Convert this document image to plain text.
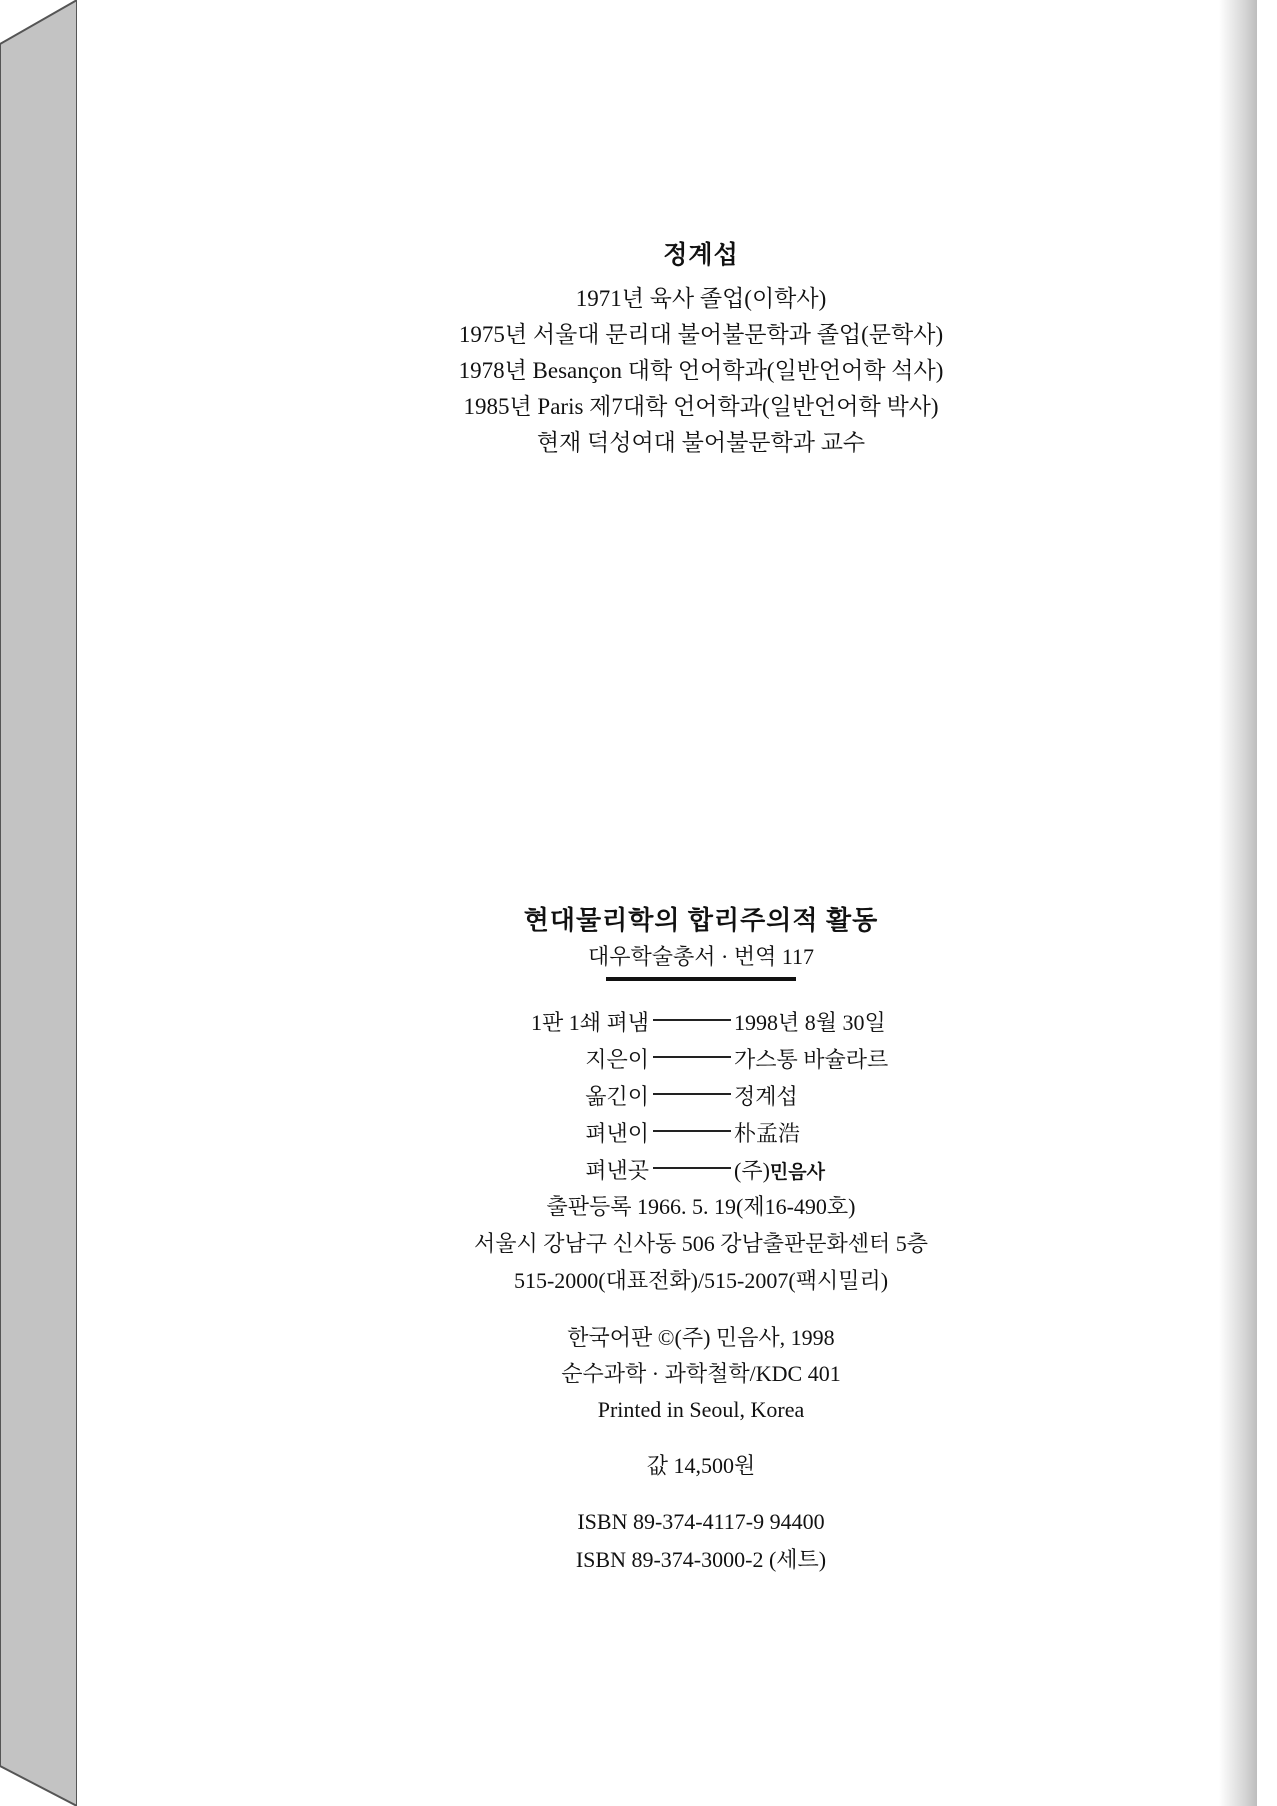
정계섭
1971년 육사 졸업(이학사)
1975년 서울대 문리대 불어불문학과 졸업(문학사)
1978년 Besançon 대학 언어학과(일반언어학 석사)
1985년 Paris 제7대학 언어학과(일반언어학 박사)
현재 덕성여대 불어불문학과 교수
현대물리학의 합리주의적 활동
대우학술총서 · 번역 117
1판 1쇄 펴냄	1998년 8월 30일
지은이	가스통 바슐라르
옮긴이	정계섭
펴낸이	朴孟浩
펴낸곳	(주)민음사
출판등록 1966. 5. 19(제16-490호)
서울시 강남구 신사동 506 강남출판문화센터 5층
515-2000(대표전화)/515-2007(팩시밀리)
한국어판 ©(주) 민음사, 1998
순수과학 · 과학철학/KDC 401
Printed in Seoul, Korea
값 14,500원
ISBN 89-374-4117-9 94400
ISBN 89-374-3000-2 (세트)
